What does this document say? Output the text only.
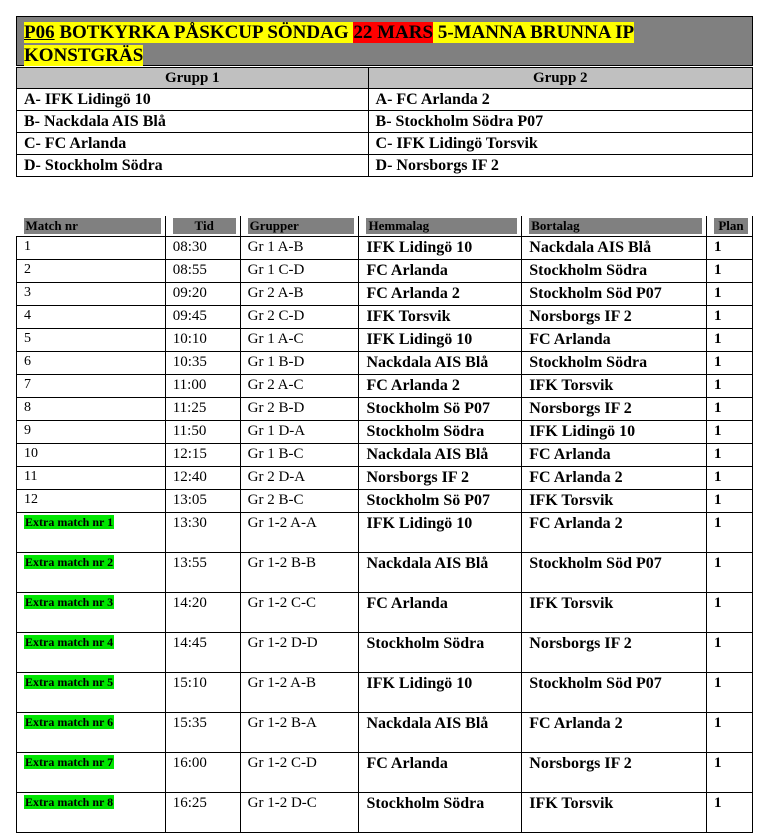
P06 BOTKYRKA PÅSKCUP SÖNDAG 22 MARS 5-MANNA BRUNNA IP
KONSTGRÄS
Grupp 1	Grupp 2
A- IFK Lidingö 10	A- FC Arlanda 2
B- Nackdala AIS Blå	B- Stockholm Södra P07
C- FC Arlanda	C- IFK Lidingö Torsvik
D- Stockholm Södra	D- Norsborgs IF 2
Match nr	Tid	Grupper	Hemmalag	Bortalag	Plan

1	08:30	Gr 1 A-B	IFK Lidingö 10	Nackdala AIS Blå	1
2	08:55	Gr 1 C-D	FC Arlanda	Stockholm Södra	1
3	09:20	Gr 2 A-B	FC Arlanda 2	Stockholm Söd P07	1
4	09:45	Gr 2 C-D	IFK Torsvik	Norsborgs IF 2	1
5	10:10	Gr 1 A-C	IFK Lidingö 10	FC Arlanda	1
6	10:35	Gr 1 B-D	Nackdala AIS Blå	Stockholm Södra	1
7	11:00	Gr 2 A-C	FC Arlanda 2	IFK Torsvik	1
8	11:25	Gr 2 B-D	Stockholm Sö P07	Norsborgs IF 2	1
9	11:50	Gr 1 D-A	Stockholm Södra	IFK Lidingö 10	1
10	12:15	Gr 1 B-C	Nackdala AIS Blå	FC Arlanda	1
11	12:40	Gr 2 D-A	Norsborgs IF 2	FC Arlanda 2	1
12	13:05	Gr 2 B-C	Stockholm Sö P07	IFK Torsvik	1
Extra match nr 1	13:30	Gr 1-2 A-A	IFK Lidingö 10	FC Arlanda 2	1
Extra match nr 2	13:55	Gr 1-2 B-B	Nackdala AIS Blå	Stockholm Söd P07	1
Extra match nr 3	14:20	Gr 1-2 C-C	FC Arlanda	IFK Torsvik	1
Extra match nr 4	14:45	Gr 1-2 D-D	Stockholm Södra	Norsborgs IF 2	1
Extra match nr 5	15:10	Gr 1-2 A-B	IFK Lidingö 10	Stockholm Söd P07	1
Extra match nr 6	15:35	Gr 1-2 B-A	Nackdala AIS Blå	FC Arlanda 2	1
Extra match nr 7	16:00	Gr 1-2 C-D	FC Arlanda	Norsborgs IF 2	1
Extra match nr 8	16:25	Gr 1-2 D-C	Stockholm Södra	IFK Torsvik	1
